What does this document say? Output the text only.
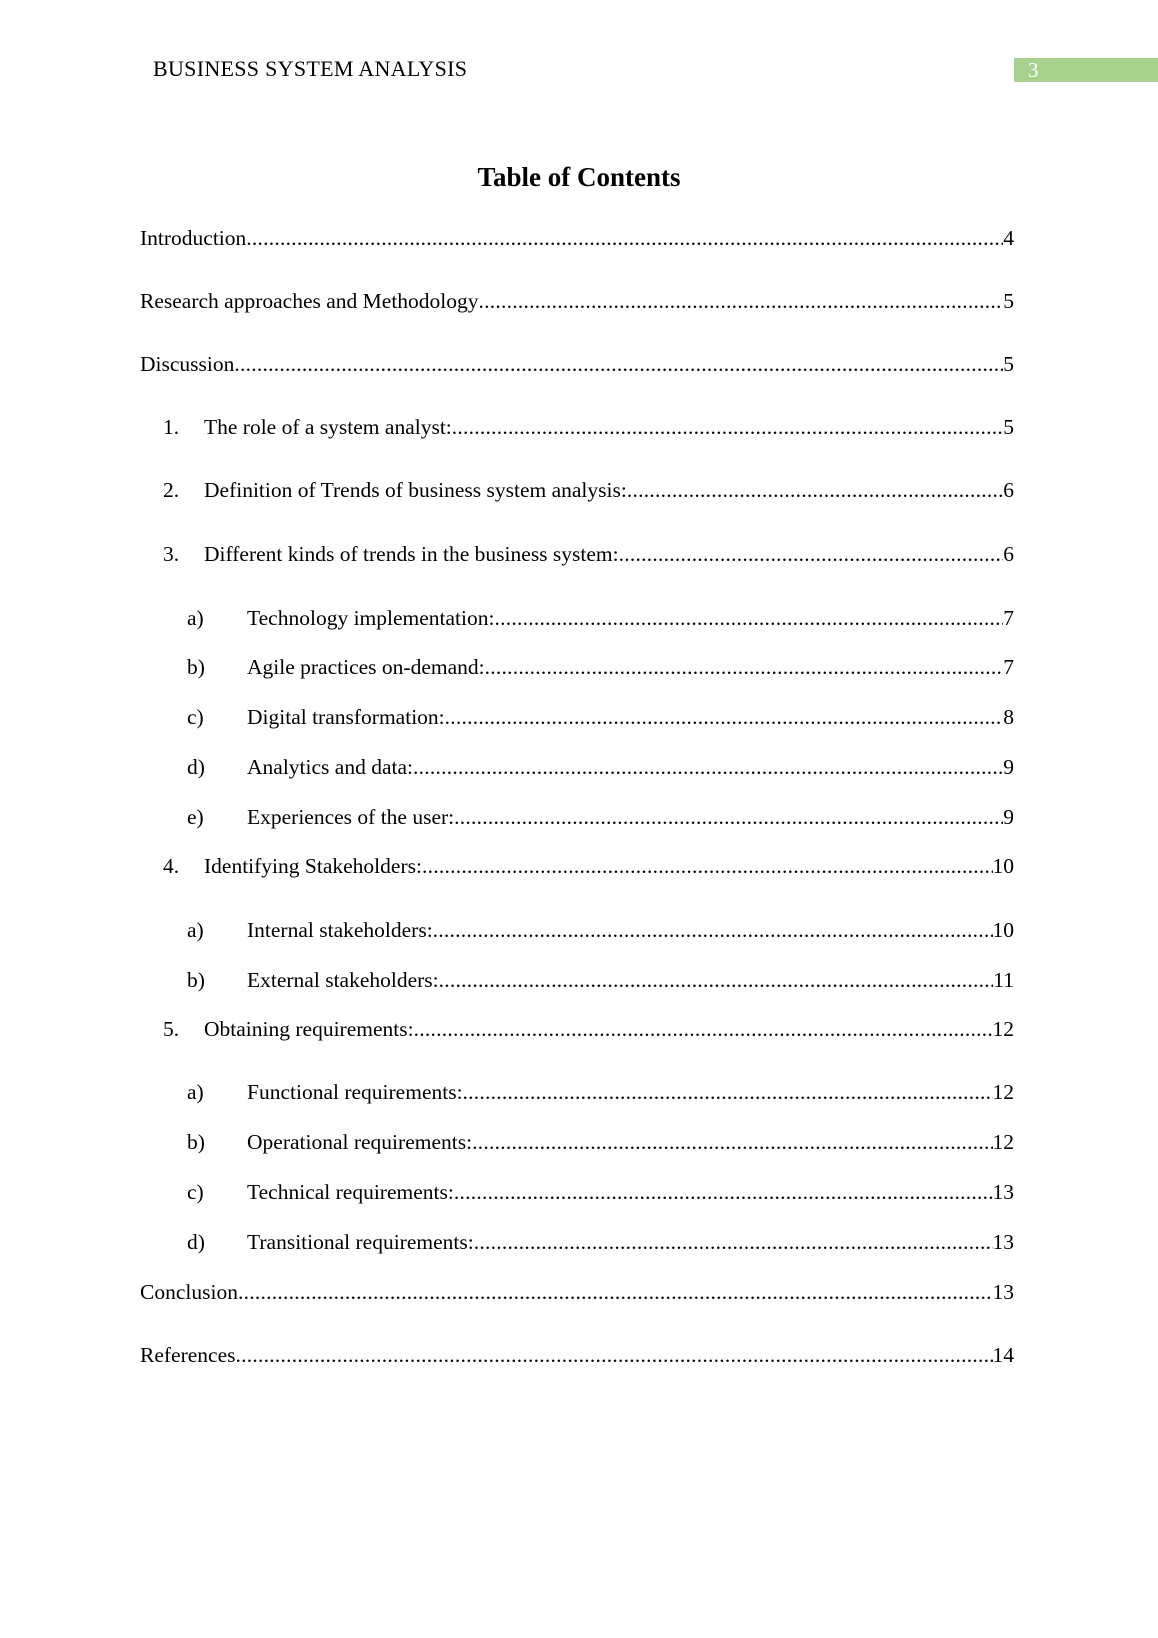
BUSINESS SYSTEM ANALYSIS	3
Table of Contents
Introduction .....	4
Research approaches and Methodology .....	5
Discussion .....	5
1.	The role of a system analyst: .....	5
2.	Definition of Trends of business system analysis: .....	6
3.	Different kinds of trends in the business system: .....	6
a)	Technology implementation: .....	7
b)	Agile practices on-demand: .....	7
c)	Digital transformation: .....	8
d)	Analytics and data: .....	9
e)	Experiences of the user: .....	9
4.	Identifying Stakeholders: .....	10
a)	Internal stakeholders: .....	10
b)	External stakeholders: .....	11
5.	Obtaining requirements: .....	12
a)	Functional requirements: .....	12
b)	Operational requirements: .....	12
c)	Technical requirements: .....	13
d)	Transitional requirements: .....	13
Conclusion .....	13
References .....	14
